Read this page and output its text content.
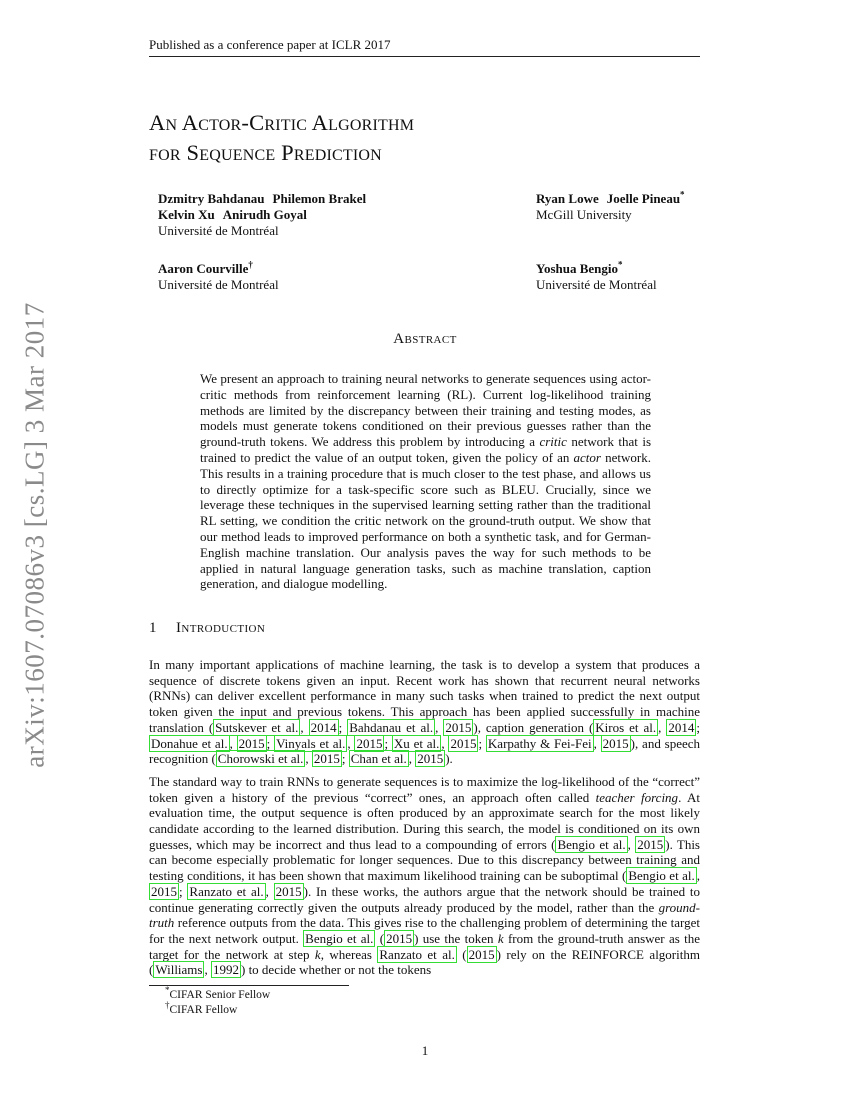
Published as a conference paper at ICLR 2017
An Actor-Critic Algorithm
for Sequence Prediction
Dzmitry Bahdanau Philemon Brakel
Kelvin Xu Anirudh Goyal
Université de Montréal
Ryan Lowe Joelle Pineau*
McGill University
Aaron Courville†
Université de Montréal
Yoshua Bengio*
Université de Montréal
arXiv:1607.07086v3 [cs.LG] 3 Mar 2017	Abstract
We present an approach to training neural networks to generate sequences using actor-critic methods from reinforcement learning (RL). Current log-likelihood training methods are limited by the discrepancy between their training and testing modes, as models must generate tokens conditioned on their previous guesses rather than the ground-truth tokens. We address this problem by introducing a critic network that is trained to predict the value of an output token, given the policy of an actor network. This results in a training procedure that is much closer to the test phase, and allows us to directly optimize for a task-specific score such as BLEU. Crucially, since we leverage these techniques in the supervised learning setting rather than the traditional RL setting, we condition the critic network on the ground-truth output. We show that our method leads to improved performance on both a synthetic task, and for German-English machine translation. Our analysis paves the way for such methods to be applied in natural language generation tasks, such as machine translation, caption generation, and dialogue modelling.
1 Introduction

In many important applications of machine learning, the task is to develop a system that produces a sequence of discrete tokens given an input. Recent work has shown that recurrent neural networks (RNNs) can deliver excellent performance in many such tasks when trained to predict the next output token given the input and previous tokens. This approach has been applied successfully in machine translation ( Sutskever et al. , 2014 ; Bahdanau et al. , 2015 ), caption generation ( Kiros et al. , 2014 ; Donahue et al. , 2015 ; Vinyals et al. , 2015 ; Xu et al. , 2015 ; Karpathy & Fei-Fei , 2015 ), and speech recognition ( Chorowski et al. , 2015 ; Chan et al. , 2015 ).

The standard way to train RNNs to generate sequences is to maximize the log-likelihood of the “correct” token given a history of the previous “correct” ones, an approach often called teacher forcing. At evaluation time, the output sequence is often produced by an approximate search for the most likely candidate according to the learned distribution. During this search, the model is conditioned on its own guesses, which may be incorrect and thus lead to a compounding of errors ( Bengio et al. , 2015 ). This can become especially problematic for longer sequences. Due to this discrepancy between training and testing conditions, it has been shown that maximum likelihood training can be suboptimal ( Bengio et al. , 2015 ; Ranzato et al. , 2015 ). In these works, the authors argue that the network should be trained to continue generating correctly given the outputs already produced by the model, rather than the ground-truth reference outputs from the data. This gives rise to the challenging problem of determining the target for the next network output. Bengio et al. ( 2015 ) use the token k from the ground-truth answer as the target for the network at step k, whereas Ranzato et al. ( 2015 ) rely on the REINFORCE algorithm ( Williams , 1992 ) to decide whether or not the tokens

*CIFAR Senior Fellow
†CIFAR Fellow
1
